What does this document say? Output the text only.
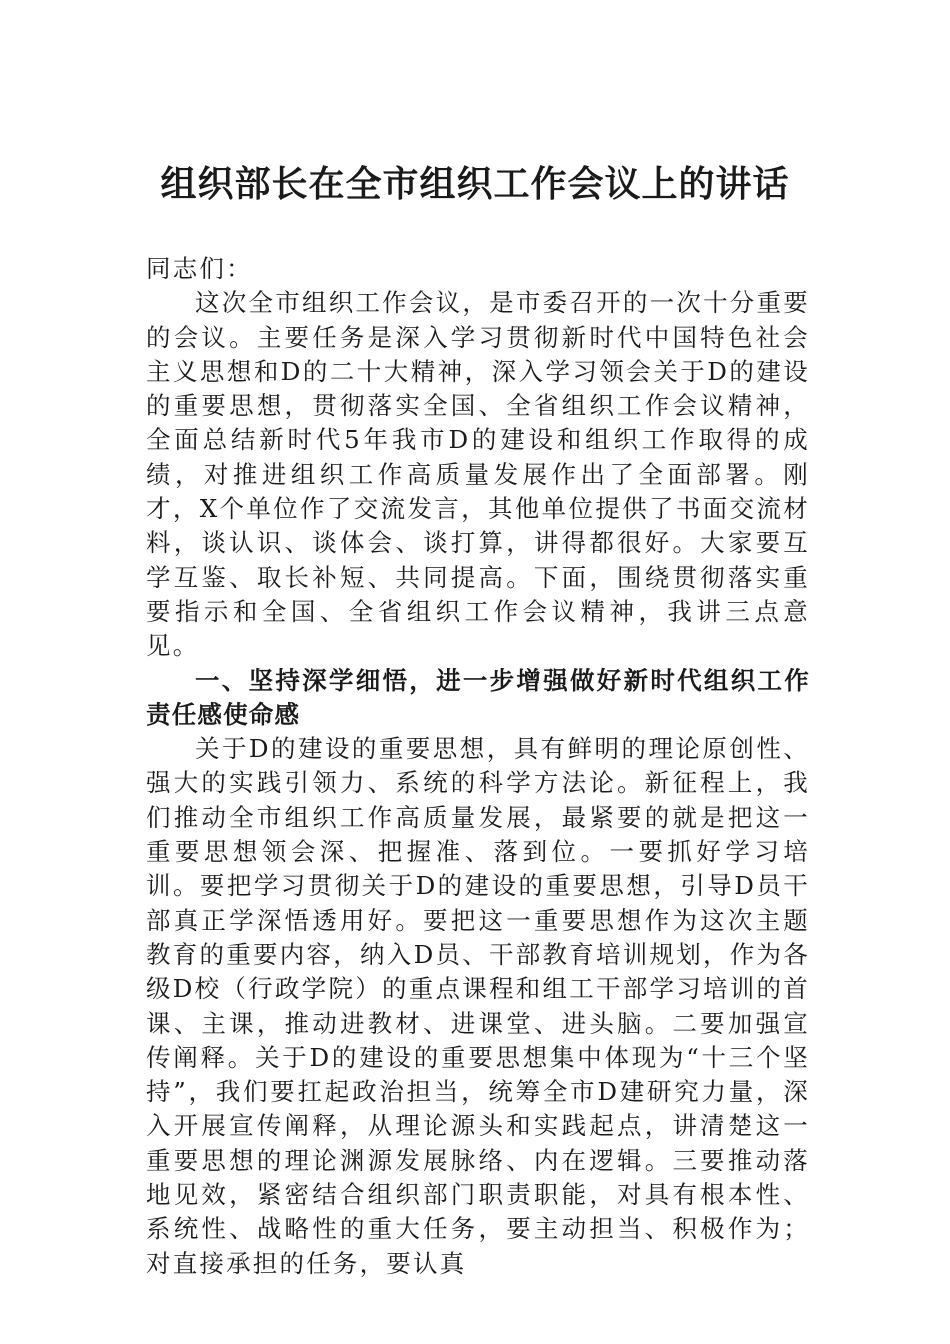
组织部长在全市组织工作会议上的讲话

同志们：

这次全市组织工作会议，是市委召开的一次十分重要的会议。主要任务是深入学习贯彻新时代中国特色社会主义思想和D的二十大精神，深入学习领会关于D的建设的重要思想，贯彻落实全国、全省组织工作会议精神，全面总结新时代5年我市D的建设和组织工作取得的成绩，对推进组织工作高质量发展作出了全面部署。刚才，X个单位作了交流发言，其他单位提供了书面交流材料，谈认识、谈体会、谈打算，讲得都很好。大家要互学互鉴、取长补短、共同提高。下面，围绕贯彻落实重要指示和全国、全省组织工作会议精神，我讲三点意见。

一、坚持深学细悟，进一步增强做好新时代组织工作责任感使命感

关于D的建设的重要思想，具有鲜明的理论原创性、强大的实践引领力、系统的科学方法论。新征程上，我们推动全市组织工作高质量发展，最紧要的就是把这一重要思想领会深、把握准、落到位。一要抓好学习培训。要把学习贯彻关于D的建设的重要思想，引导D员干部真正学深悟透用好。要把这一重要思想作为这次主题教育的重要内容，纳入D员、干部教育培训规划，作为各级D校（行政学院）的重点课程和组工干部学习培训的首课、主课，推动进教材、进课堂、进头脑。二要加强宣传阐释。关于D的建设的重要思想集中体现为“十三个坚持”，我们要扛起政治担当，统筹全市D建研究力量，深入开展宣传阐释，从理论源头和实践起点，讲清楚这一重要思想的理论渊源发展脉络、内在逻辑。三要推动落地见效，紧密结合组织部门职责职能，对具有根本性、系统性、战略性的重大任务，要主动担当、积极作为；对直接承担的任务，要认真
